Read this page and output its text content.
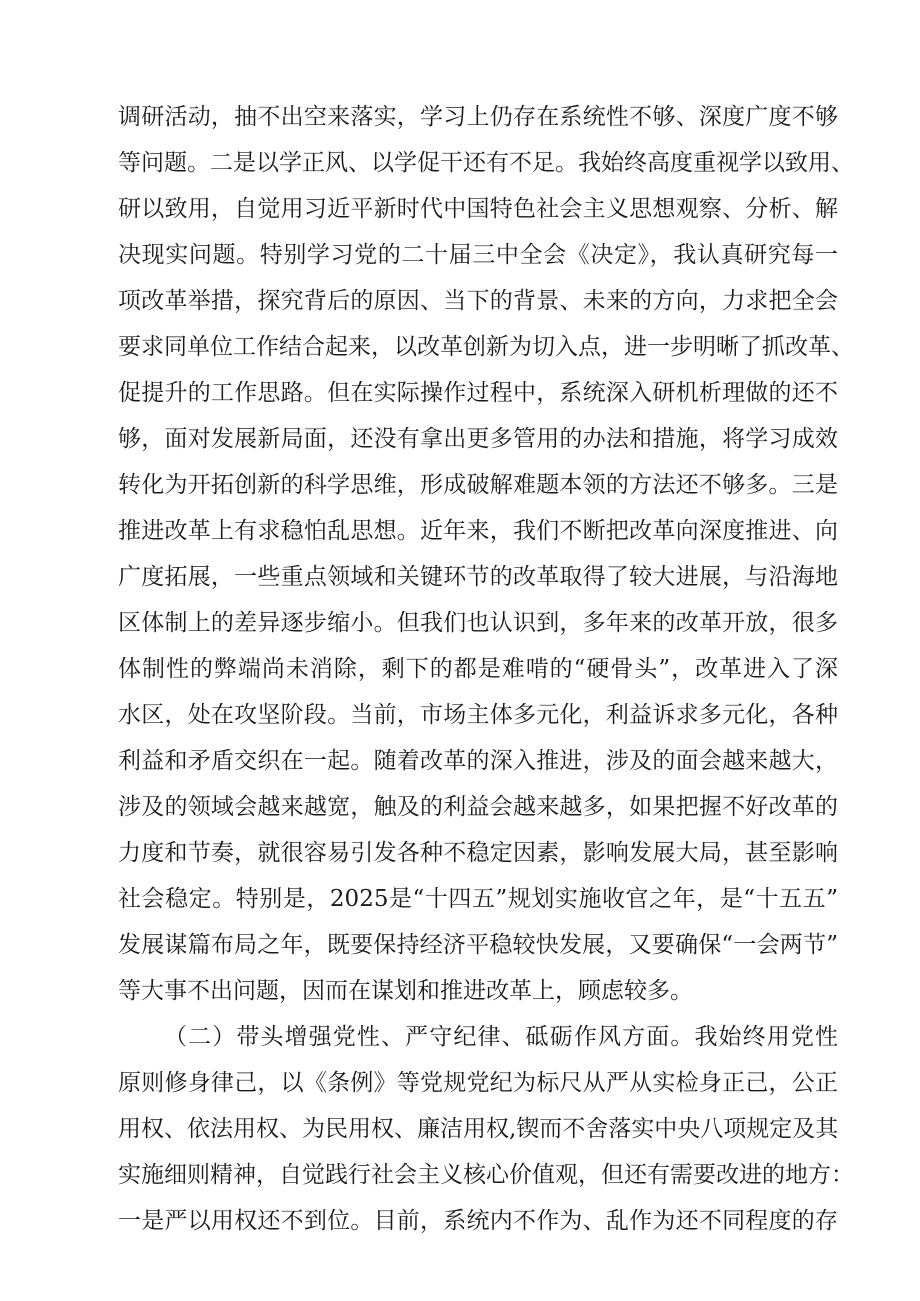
调研活动，抽不出空来落实，学习上仍存在系统性不够、深度广度不够
等问题。二是以学正风、以学促干还有不足。我始终高度重视学以致用、
研以致用，自觉用习近平新时代中国特色社会主义思想观察、分析、解
决现实问题。特别学习党的二十届三中全会《决定》，我认真研究每一
项改革举措，探究背后的原因、当下的背景、未来的方向，力求把全会
要求同单位工作结合起来，以改革创新为切入点，进一步明晰了抓改革、
促提升的工作思路。但在实际操作过程中，系统深入研机析理做的还不
够，面对发展新局面，还没有拿出更多管用的办法和措施，将学习成效
转化为开拓创新的科学思维，形成破解难题本领的方法还不够多。三是
推进改革上有求稳怕乱思想。近年来，我们不断把改革向深度推进、向
广度拓展，一些重点领域和关键环节的改革取得了较大进展，与沿海地
区体制上的差异逐步缩小。但我们也认识到，多年来的改革开放，很多
体制性的弊端尚未消除，剩下的都是难啃的“硬骨头”，改革进入了深
水区，处在攻坚阶段。当前，市场主体多元化，利益诉求多元化，各种
利益和矛盾交织在一起。随着改革的深入推进，涉及的面会越来越大，
涉及的领域会越来越宽，触及的利益会越来越多，如果把握不好改革的
力度和节奏，就很容易引发各种不稳定因素，影响发展大局，甚至影响
社会稳定。特别是，2025是“十四五”规划实施收官之年，是“十五五”
发展谋篇布局之年，既要保持经济平稳较快发展，又要确保“一会两节”
等大事不出问题，因而在谋划和推进改革上，顾虑较多。
（二）带头增强党性、严守纪律、砥砺作风方面。我始终用党性
原则修身律己，以《条例》等党规党纪为标尺从严从实检身正己，公正
用权、依法用权、为民用权、廉洁用权,锲而不舍落实中央八项规定及其
实施细则精神，自觉践行社会主义核心价值观，但还有需要改进的地方：
一是严以用权还不到位。目前，系统内不作为、乱作为还不同程度的存
